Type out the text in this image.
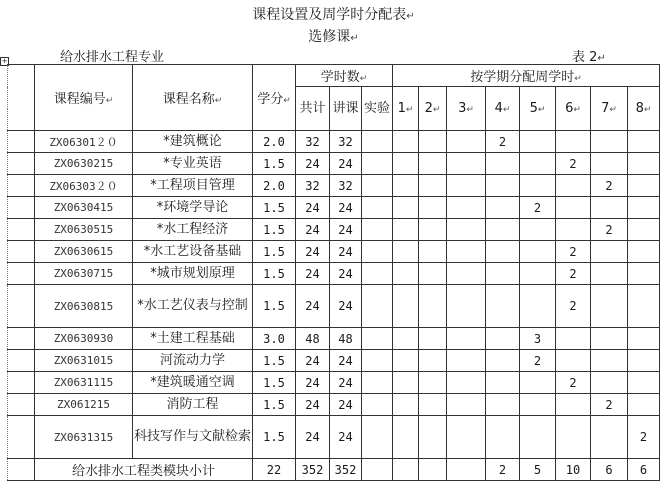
课程设置及周学时分配表↵
选修课↵
给水排水工程专业	表 2↵
+
	课程编号↵	课程名称↵	学分↵	学时数↵			按学期分配周学时↵							
				共计	讲课	实验	1↵	2↵	3↵	4↵	5↵	6↵	7↵	8↵

	ZX06301２０	*建筑概论	2.0	32	32					2				
	ZX0630215	*专业英语	1.5	24	24							2		
	ZX06303２０	*工程项目管理	2.0	32	32								2	
	ZX0630415	*环境学导论	1.5	24	24						2			
	ZX0630515	*水工程经济	1.5	24	24								2	
	ZX0630615	*水工艺设备基础	1.5	24	24							2		
	ZX0630715	*城市规划原理	1.5	24	24							2		
	ZX0630815	*水工艺仪表与控制	1.5	24	24							2		
	ZX0630930	*土建工程基础	3.0	48	48						3			
	ZX0631015	河流动力学	1.5	24	24						2			
	ZX0631115	*建筑暖通空调	1.5	24	24							2		
	ZX061215	消防工程	1.5	24	24								2	
	ZX0631315	科技写作与文献检索	1.5	24	24									2
	给水排水工程类模块小计		22	352	352					2	5	10	6	6
